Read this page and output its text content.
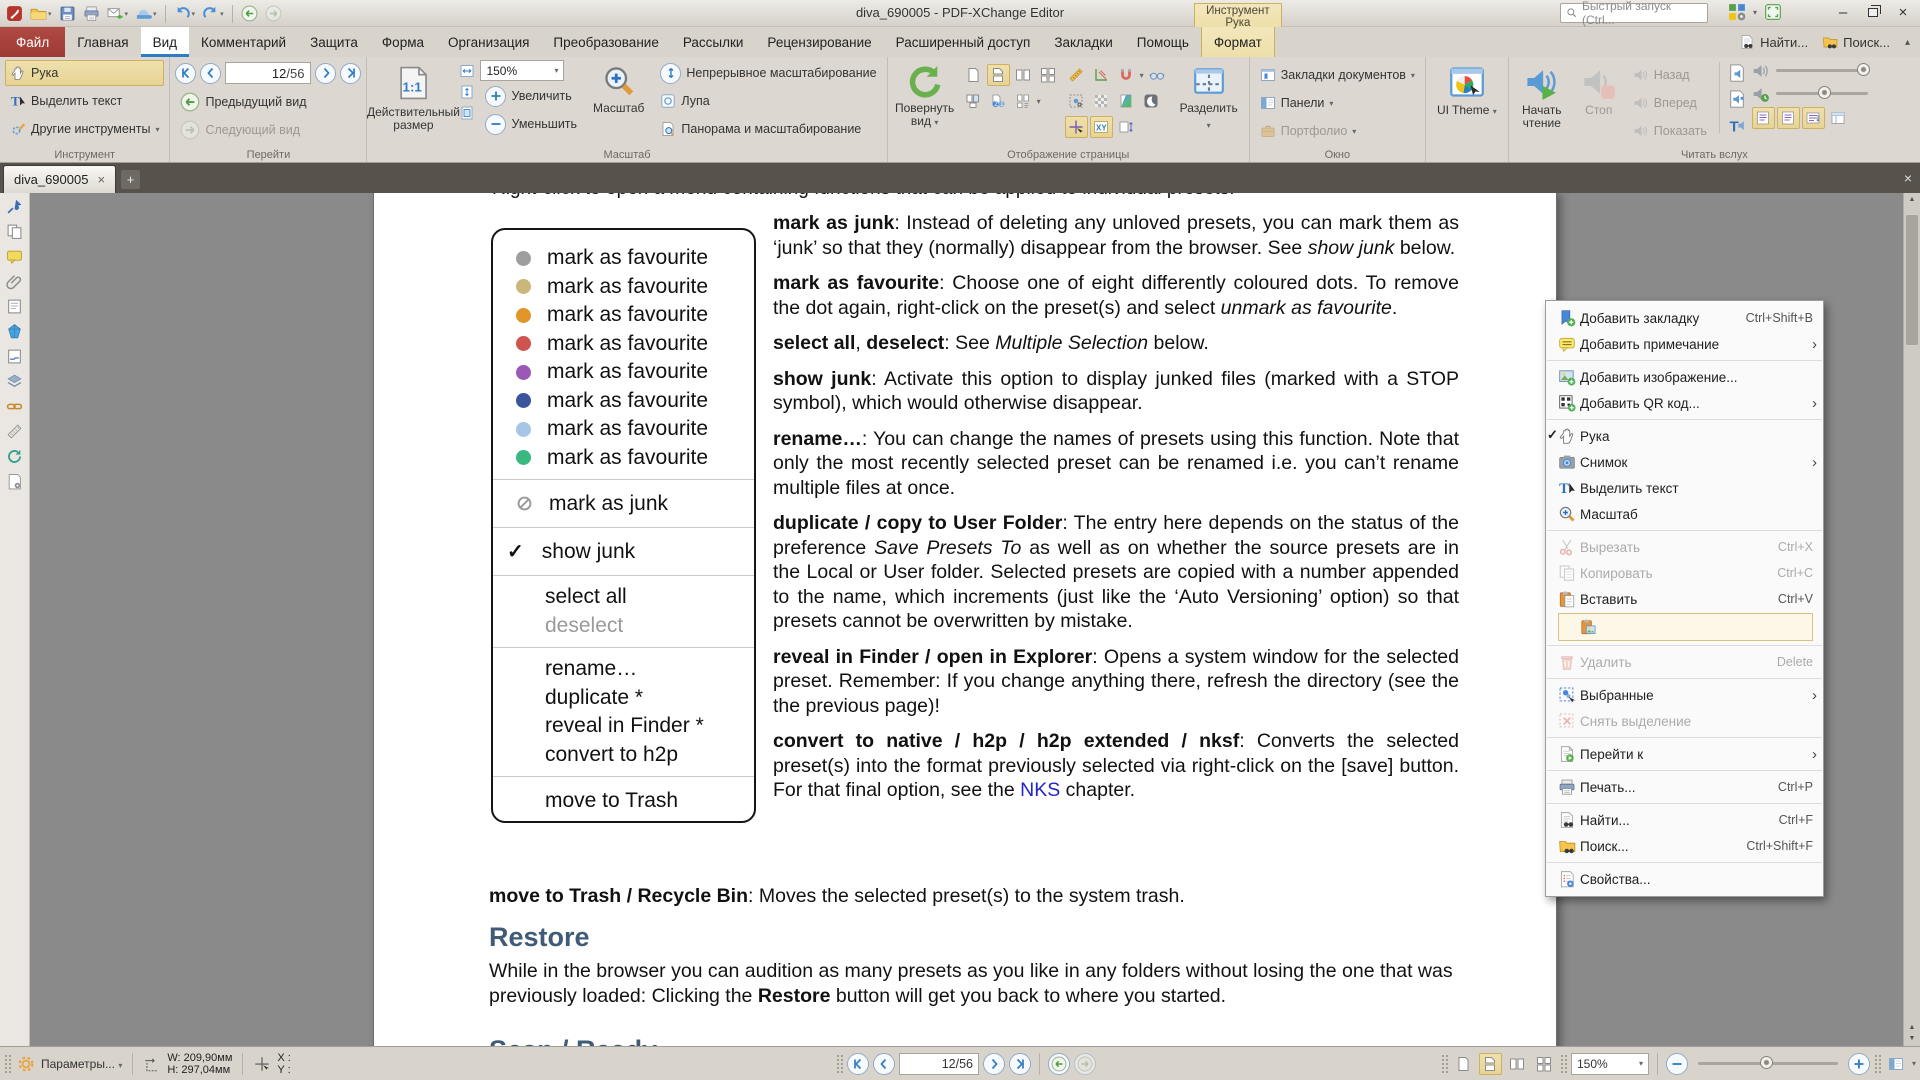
▾	▾	▾	▾	▾	diva_690005 - PDF-XChange Editor	Быстрый запуск (Ctrl...
▾	–	×
Инструмент Рука
Файл	Главная	Вид	Комментарий	Защита	Форма	Организация	Преобразование	Рассылки	Рецензирование	Расширенный доступ	Закладки	Помощь	Формат	Найти...	Поиск... ▴
Рука
T Выделить текст
Другие инструменты ▾
Инструмент
12 /56
Предыдущий вид
Следующий вид
Перейти
1:1
Действительный размер
150%	▾
Увеличить
Уменьшить
Масштаб
Непрерывное масштабирование
Лупа
Панорама и масштабирование
Масштаб
Повернуть вид ▾
2 1	▾
▾
XY
Разделить
▾
Отображение страницы
Закладки документов ▾
Панели ▾
Портфолио ▾
Окно
UI Theme ▾ Начать чтение
Стоп
Назад
Вперед
Показать T
Читать вслух
diva_690005 ×	+	×
mark as favourite
mark as favourite
mark as favourite
mark as favourite
mark as favourite
mark as favourite
mark as favourite
mark as favourite
mark as junk
✓ show junk
select all
deselect
rename…
duplicate *
reveal in Finder *
convert to h2p
move to Trash

mark as junk: Instead of deleting any unloved presets, you can mark them as ‘junk’ so that they (normally) disappear from the browser. See show junk below.

mark as favourite: Choose one of eight differently coloured dots. To remove the dot again, right-click on the preset(s) and select unmark as favourite.

select all, deselect: See Multiple Selection below.

show junk: Activate this option to display junked files (marked with a STOP symbol), which would otherwise disappear.

rename…: You can change the names of presets using this function. Note that only the most recently selected preset can be renamed i.e. you can’t rename multiple files at once.

duplicate / copy to User Folder: The entry here depends on the status of the preference Save Presets To as well as on whether the source presets are in the Local or User folder. Selected presets are copied with a number appended to the name, which increments (just like the ‘Auto Versioning’ option) so that presets cannot be overwritten by mistake.

reveal in Finder / open in Explorer: Opens a system window for the selected preset. Remember: If you change anything there, refresh the directory (see the the previous page)!

convert to native / h2p / h2p extended / nksf: Converts the selected preset(s) into the format previously selected via right-click on the [save] button. For that final option, see the NKS chapter.

move to Trash / Recycle Bin: Moves the selected preset(s) to the system trash.

Restore

While in the browser you can audition as many presets as you like in any folders without losing the one that was previously loaded: Clicking the Restore button will get you back to where you started.

▲
▲
▼
Добавить закладку	Ctrl+Shift+B
Добавить примечание	›
Добавить изображение...
Добавить QR код...	›
✓ Рука
Снимок	›
T Выделить текст
Масштаб
Вырезать	Ctrl+X
Копировать	Ctrl+C
Вставить	Ctrl+V
Удалить	Delete
Выбранные	›
Снять выделение
Перейти к	›
Печать...	Ctrl+P
Найти...	Ctrl+F
Поиск...	Ctrl+Shift+F
Свойства...
Параметры... ▾
W: 209,90мм
H: 297,04мм
X :
Y :	12 /56	150%	▾	▾
